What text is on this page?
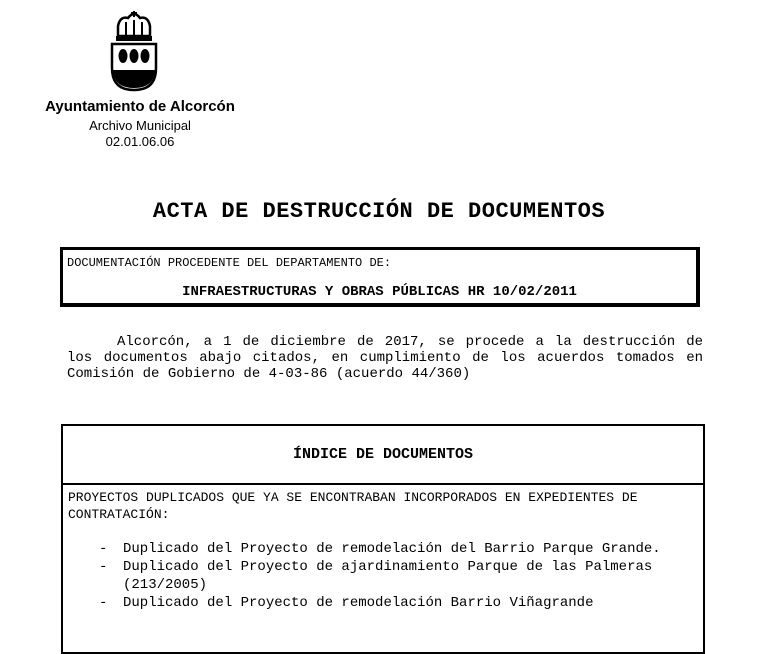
Ayuntamiento de Alcorcón
Archivo Municipal
02.01.06.06
ACTA DE DESTRUCCIÓN DE DOCUMENTOS
DOCUMENTACIÓN PROCEDENTE DEL DEPARTAMENTO DE:
INFRAESTRUCTURAS Y OBRAS PÚBLICAS HR 10/02/2011
Alcorcón, a 1 de diciembre de 2017, se procede a la destrucción de los documentos abajo citados, en cumplimiento de los acuerdos tomados en Comisión de Gobierno de 4-03-86 (acuerdo 44/360)
ÍNDICE DE DOCUMENTOS
PROYECTOS DUPLICADOS QUE YA SE ENCONTRABAN INCORPORADOS EN EXPEDIENTES DE CONTRATACIÓN:
- Duplicado del Proyecto de remodelación del Barrio Parque Grande.
- Duplicado del Proyecto de ajardinamiento Parque de las Palmeras (213/2005)
- Duplicado del Proyecto de remodelación Barrio Viñagrande
